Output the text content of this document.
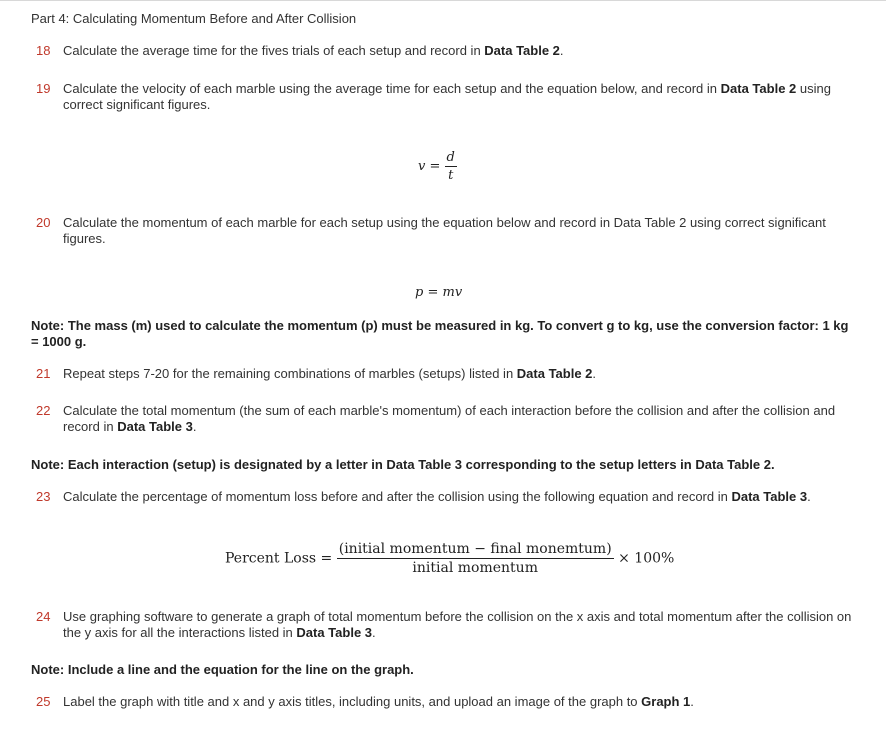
Part 4: Calculating Momentum Before and After Collision
18 Calculate the average time for the fives trials of each setup and record in Data Table 2.
19 Calculate the velocity of each marble using the average time for each setup and the equation below, and record in Data Table 2 using correct significant figures.
$v = \frac{d}{t}$
20 Calculate the momentum of each marble for each setup using the equation below and record in Data Table 2 using correct significant figures.
p = mv
Note: The mass (m) used to calculate the momentum (p) must be measured in kg. To convert g to kg, use the conversion factor: 1 kg = 1000 g.
21 Repeat steps 7-20 for the remaining combinations of marbles (setups) listed in Data Table 2.
22 Calculate the total momentum (the sum of each marble's momentum) of each interaction before the collision and after the collision and record in Data Table 3.
Note: Each interaction (setup) is designated by a letter in Data Table 3 corresponding to the setup letters in Data Table 2.
23 Calculate the percentage of momentum loss before and after the collision using the following equation and record in Data Table 3.
Percent Loss = $\frac{\text{(initial momentum − final monemtum)}}{\text{initial momentum}} \times 100\%$
24 Use graphing software to generate a graph of total momentum before the collision on the x axis and total momentum after the collision on the y axis for all the interactions listed in Data Table 3.
Note: Include a line and the equation for the line on the graph.
25 Label the graph with title and x and y axis titles, including units, and upload an image of the graph to Graph 1.
